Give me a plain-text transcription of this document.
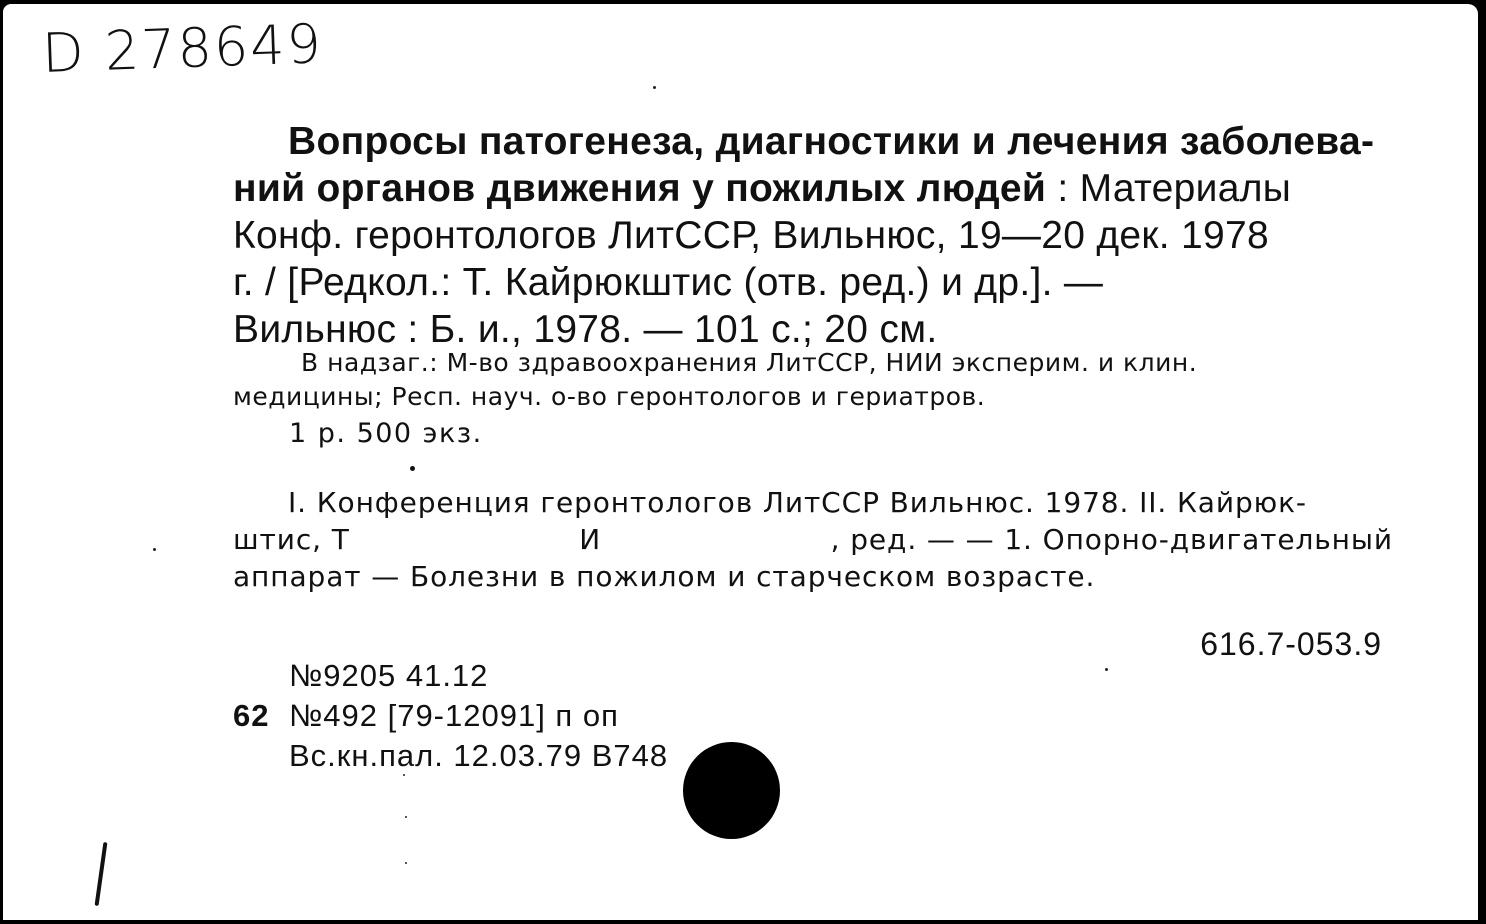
D 278649
Вопросы патогенеза, диагностики и лечения заболева-
ний органов движения у пожилых людей : Материалы
Конф. геронтологов ЛитССР, Вильнюс, 19—20 дек. 1978
г. / [Редкол.: Т. Кайрюкштис (отв. ред.) и др.]. —
Вильнюс : Б. и., 1978. — 101 с.; 20 см.
В надзаг.: М-во здравоохранения ЛитССР, НИИ эксперим. и клин.
медицины; Респ. науч. о-во геронтологов и гериатров.
1 р. 500 экз.
I. Конференция геронтологов ЛитССР Вильнюс. 1978. II. Кайрюк-
штис, Т	И	, ред. — — 1. Опорно-двигательный
аппарат — Болезни в пожилом и старческом возрасте.
616.7-053.9
№9205 41.12
62 №492 [79-12091] п оп
Вс.кн.пал. 12.03.79 В748
